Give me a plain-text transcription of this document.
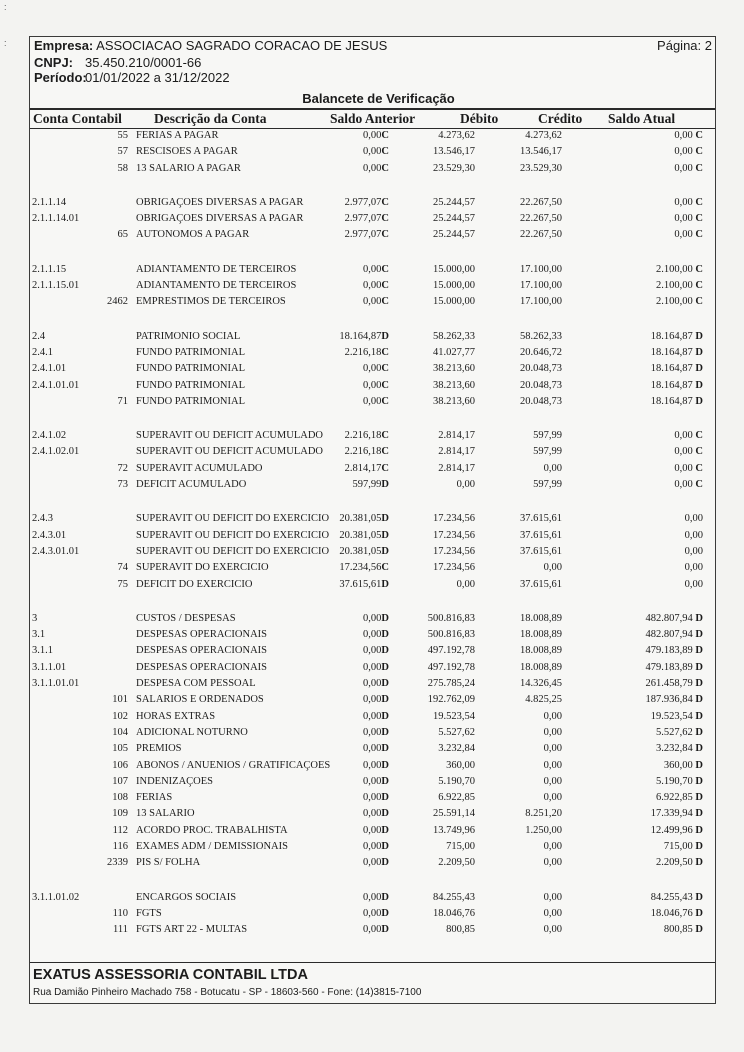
Empresa: ASSOCIACAO SAGRADO CORACAO DE JESUS	Página: 2
CNPJ: 35.450.210/0001-66
Período:
01/01/2022 a 31/12/2022
Balancete de Verificação
Conta Contabil Descrição da Conta	Saldo Anterior	Débito	Crédito Saldo Atual
55 FERIAS A PAGAR	0,00C	4.273,62	4.273,62	0,00 C
57 RESCISOES A PAGAR	0,00C	13.546,17	13.546,17	0,00 C
58 13 SALARIO A PAGAR	0,00C	23.529,30	23.529,30	0,00 C
2.1.1.14	OBRIGAÇOES DIVERSAS A PAGAR	2.977,07C	25.244,57	22.267,50	0,00 C
2.1.1.14.01	OBRIGAÇOES DIVERSAS A PAGAR	2.977,07C	25.244,57	22.267,50	0,00 C
65 AUTONOMOS A PAGAR	2.977,07C	25.244,57	22.267,50	0,00 C
2.1.1.15	ADIANTAMENTO DE TERCEIROS	0,00C	15.000,00	17.100,00	2.100,00 C
2.1.1.15.01	ADIANTAMENTO DE TERCEIROS	0,00C	15.000,00	17.100,00	2.100,00 C
2462 EMPRESTIMOS DE TERCEIROS	0,00C	15.000,00	17.100,00	2.100,00 C
2.4	PATRIMONIO SOCIAL	18.164,87D	58.262,33	58.262,33	18.164,87 D
2.4.1	FUNDO PATRIMONIAL	2.216,18C	41.027,77	20.646,72	18.164,87 D
2.4.1.01	FUNDO PATRIMONIAL	0,00C	38.213,60	20.048,73	18.164,87 D
2.4.1.01.01	FUNDO PATRIMONIAL	0,00C	38.213,60	20.048,73	18.164,87 D
71 FUNDO PATRIMONIAL	0,00C	38.213,60	20.048,73	18.164,87 D
2.4.1.02	SUPERAVIT OU DEFICIT ACUMULADO 2.216,18C	2.814,17	597,99	0,00 C
2.4.1.02.01	SUPERAVIT OU DEFICIT ACUMULADO 2.216,18C	2.814,17	597,99	0,00 C
72 SUPERAVIT ACUMULADO	2.814,17C	2.814,17	0,00	0,00 C
73 DEFICIT ACUMULADO	597,99D	0,00	597,99	0,00 C
2.4.3	SUPERAVIT OU DEFICIT DO EXERCICIO 20.381,05D	17.234,56	37.615,61	0,00
2.4.3.01	SUPERAVIT OU DEFICIT DO EXERCICIO 20.381,05D	17.234,56	37.615,61	0,00
2.4.3.01.01	SUPERAVIT OU DEFICIT DO EXERCICIO 20.381,05D	17.234,56	37.615,61	0,00
74 SUPERAVIT DO EXERCICIO	17.234,56C	17.234,56	0,00	0,00
75 DEFICIT DO EXERCICIO	37.615,61D	0,00	37.615,61	0,00
3	CUSTOS / DESPESAS	0,00D	500.816,83	18.008,89	482.807,94 D
3.1	DESPESAS OPERACIONAIS	0,00D	500.816,83	18.008,89	482.807,94 D
3.1.1	DESPESAS OPERACIONAIS	0,00D	497.192,78	18.008,89	479.183,89 D
3.1.1.01	DESPESAS OPERACIONAIS	0,00D	497.192,78	18.008,89	479.183,89 D
3.1.1.01.01	DESPESA COM PESSOAL	0,00D	275.785,24	14.326,45	261.458,79 D
101 SALARIOS E ORDENADOS	0,00D	192.762,09	4.825,25	187.936,84 D
102 HORAS EXTRAS	0,00D	19.523,54	0,00	19.523,54 D
104 ADICIONAL NOTURNO	0,00D	5.527,62	0,00	5.527,62 D
105 PREMIOS	0,00D	3.232,84	0,00	3.232,84 D
106 ABONOS / ANUENIOS / GRATIFICAÇOES	0,00D	360,00	0,00	360,00 D
107 INDENIZAÇOES	0,00D	5.190,70	0,00	5.190,70 D
108 FERIAS	0,00D	6.922,85	0,00	6.922,85 D
109 13 SALARIO	0,00D	25.591,14	8.251,20	17.339,94 D
112 ACORDO PROC. TRABALHISTA	0,00D	13.749,96	1.250,00	12.499,96 D
116 EXAMES ADM / DEMISSIONAIS	0,00D	715,00	0,00	715,00 D
2339 PIS S/ FOLHA	0,00D	2.209,50	0,00	2.209,50 D
3.1.1.01.02	ENCARGOS SOCIAIS	0,00D	84.255,43	0,00	84.255,43 D
110 FGTS	0,00D	18.046,76	0,00	18.046,76 D
111 FGTS ART 22 - MULTAS	0,00D	800,85	0,00	800,85 D
EXATUS ASSESSORIA CONTABIL LTDA
Rua Damião Pinheiro Machado 758 - Botucatu - SP - 18603-560 - Fone: (14)3815-7100
:
:
